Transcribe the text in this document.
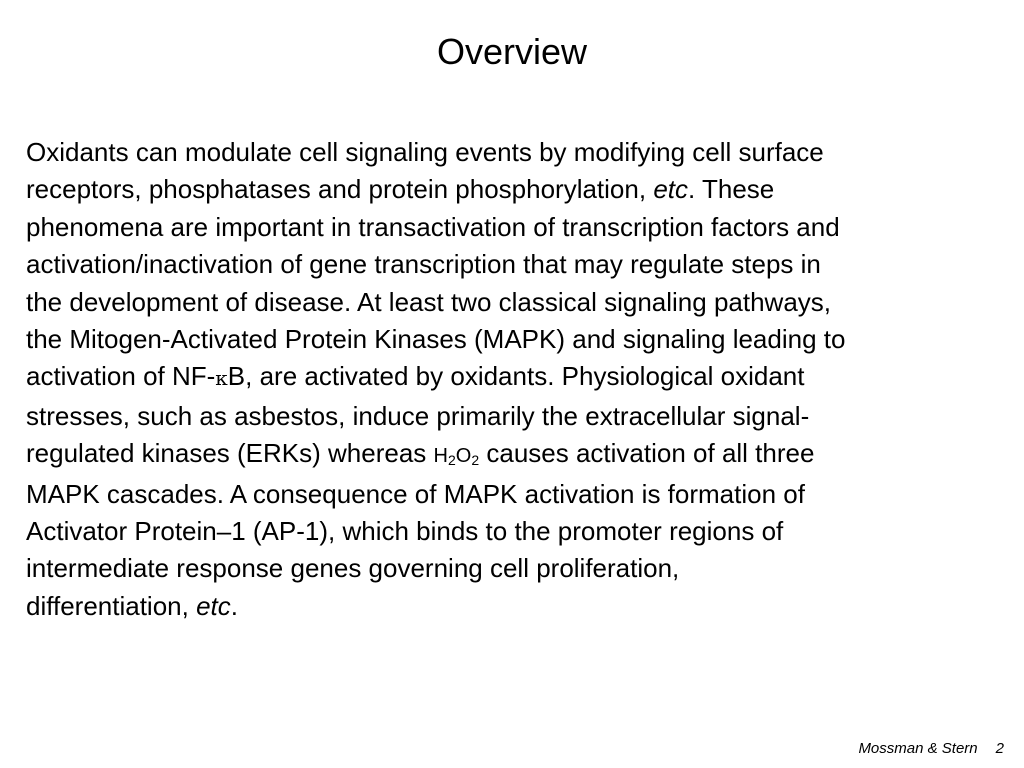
Overview
Oxidants can modulate cell signaling events by modifying cell surface
receptors, phosphatases and protein phosphorylation, etc. These
phenomena are important in transactivation of transcription factors and
activation/inactivation of gene transcription that may regulate steps in
the development of disease. At least two classical signaling pathways,
the Mitogen-Activated Protein Kinases (MAPK) and signaling leading to
activation of NF-κB, are activated by oxidants. Physiological oxidant
stresses, such as asbestos, induce primarily the extracellular signal-
regulated kinases (ERKs) whereas $H_2O_2$ causes activation of all three
MAPK cascades. A consequence of MAPK activation is formation of
Activator Protein–1 (AP-1), which binds to the promoter regions of
intermediate response genes governing cell proliferation,
differentiation, etc.
Mossman & Stern 2
